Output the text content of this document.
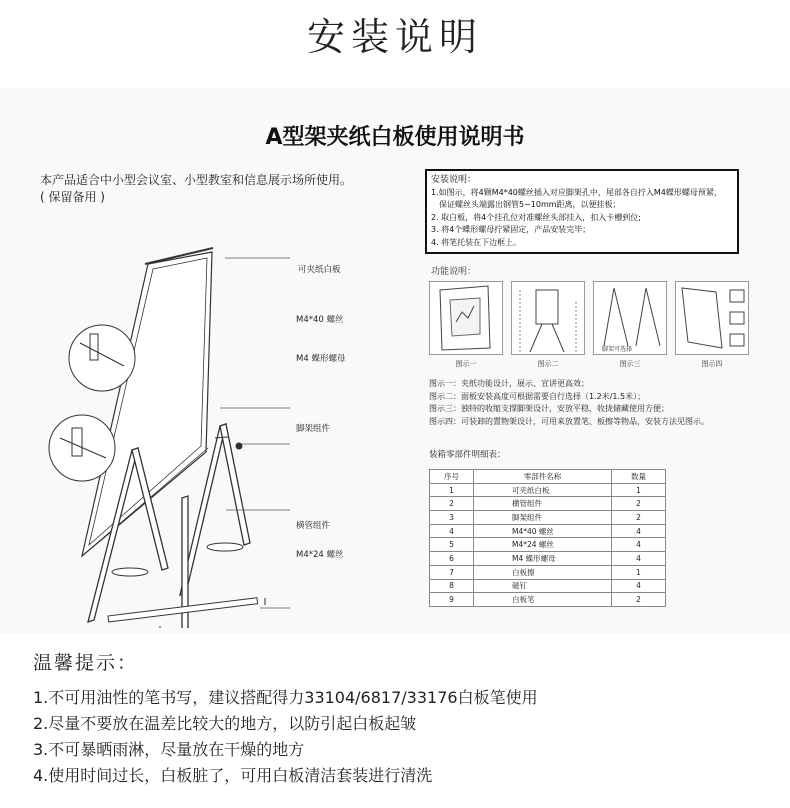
安装说明
A型架夹纸白板使用说明书
本产品适合中小型会议室、小型教室和信息展示场所使用。
( 保留备用 )
可夹纸白板
M4*40 螺丝
M4 蝶形螺母
脚架组件
横管组件
M4*24 螺丝
安装说明：
1.如图示，将4颗M4*40螺丝插入对应脚架孔中，尾部各自拧入M4蝶形螺母预紧，
保证螺丝头端露出钢管5~10mm距离，以便挂板；
2. 取白板，将4个挂孔位对准螺丝头部挂入，扣入卡槽到位;
3. 将4个蝶形螺母拧紧固定，产品安装完毕；
4. 将笔托装在下边框上。
功能说明：
脚架可选择
图示一	图示二	图示三	图示四
图示一：夹纸功能设计，展示、宣讲更高效；
图示二：面板安装高度可根据需要自行选择（1.2米/1.5米）；
图示三：独特的收缩支撑脚架设计，安放平稳，收拢储藏使用方便；
图示四：可装卸的置物架设计，可用来放置笔、板擦等物品，安装方法见图示。
装箱零部件明细表：
序号	零部件名称	数量
1	可夹纸白板	1
2	横管组件	2
3	脚架组件	2
4	M4*40 螺丝	4
5	M4*24 螺丝	4
6	M4 蝶形螺母	4
7	白板擦	1
8	磁钉	4
9	白板笔	2
温馨提示：
1.不可用油性的笔书写，建议搭配得力33104/6817/33176白板笔使用
2.尽量不要放在温差比较大的地方，以防引起白板起皱
3.不可暴晒雨淋，尽量放在干燥的地方
4.使用时间过长，白板脏了，可用白板清洁套装进行清洗
